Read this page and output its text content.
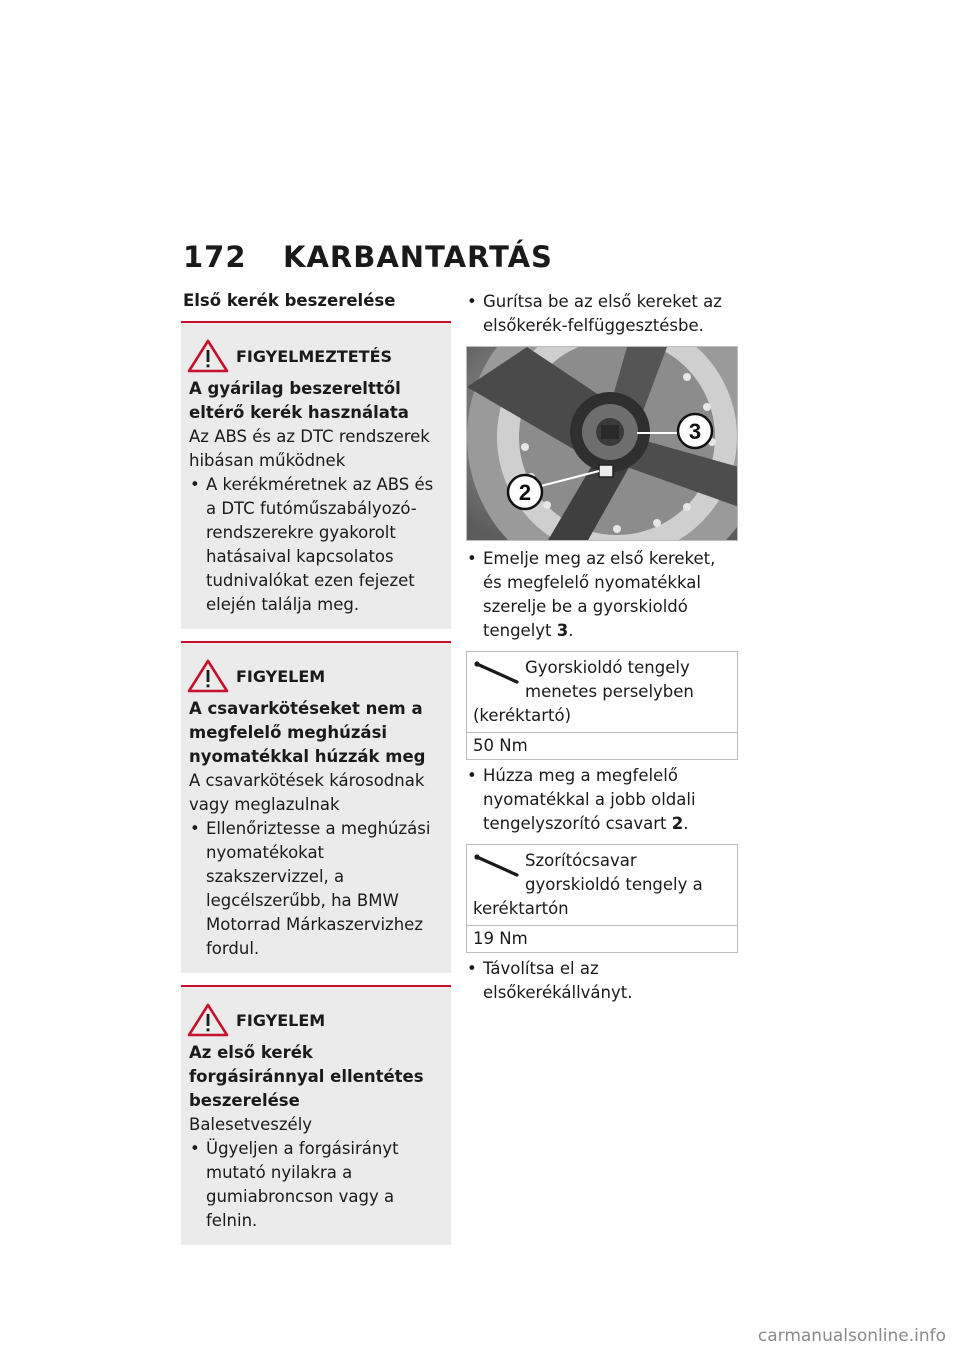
172 KARBANTARTÁS
Első kerék beszerelése
FIGYELMEZTETÉS
A gyárilag beszerelttől eltérő kerék használata
Az ABS és az DTC rendszerek hibásan működnek
• A kerékméretnek az ABS és a DTC futóműszabályozó-rendszerekre gyakorolt hatásaival kapcsolatos tudnivalókat ezen fejezet elején találja meg.
FIGYELEM
A csavarkötéseket nem a megfelelő meghúzási nyomatékkal húzzák meg
A csavarkötések károsodnak vagy meglazulnak
• Ellenőriztesse a meghúzási nyomatékokat szakszervizzel, a legcélszerűbb, ha BMW Motorrad Márkaszervizhez fordul.
FIGYELEM
Az első kerék forgásiránnyal ellentétes beszerelése
Balesetveszély
• Ügyeljen a forgásirányt mutató nyilakra a gumiabroncson vagy a felnin.
• Gurítsa be az első kereket az elsőkerék-felfüggesztésbe.
3
2
• Emelje meg az első kereket, és megfelelő nyomatékkal szerelje be a gyorskioldó tengelyt 3.
Gyorskioldó tengely menetes perselyben (keréktartó)
50 Nm
• Húzza meg a megfelelő nyomatékkal a jobb oldali tengelyszorító csavart 2.
Szorítócsavar gyorskioldó tengely a keréktartón
19 Nm
• Távolítsa el az elsőkerékállványt.
carmanualsonline.info
